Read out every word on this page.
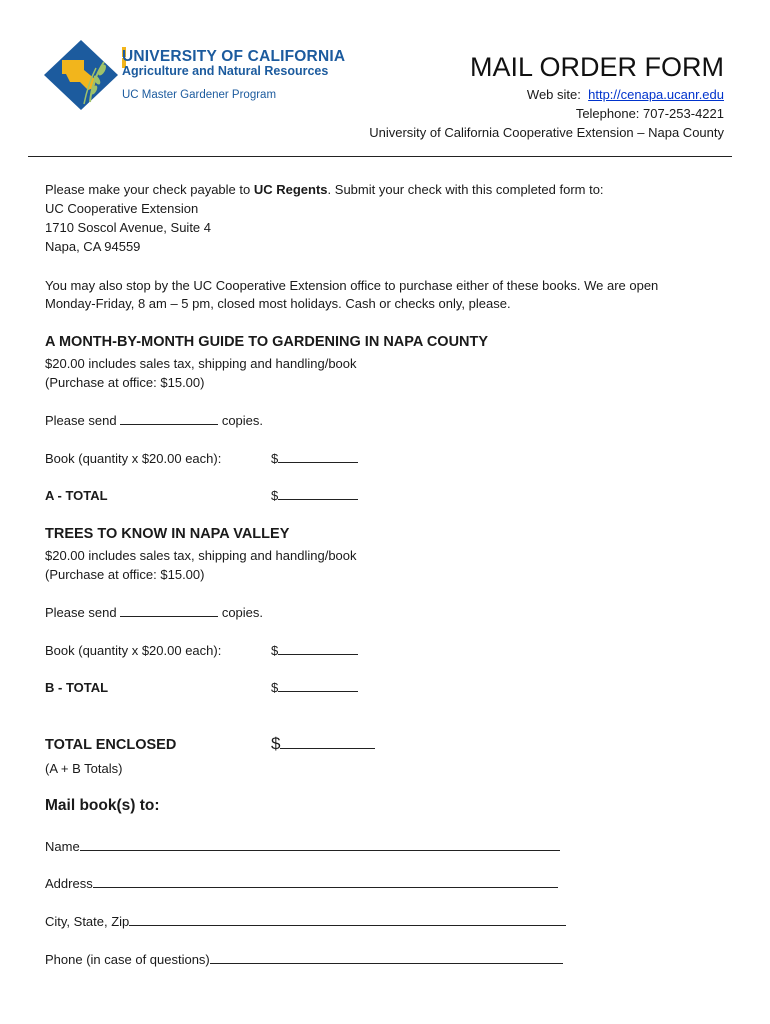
UNIVERSITY OF CALIFORNIA
Agriculture and Natural Resources
UC Master Gardener Program
MAIL ORDER FORM
Web site: http://cenapa.ucanr.edu
Telephone: 707-253-4221
University of California Cooperative Extension – Napa County
Please make your check payable to UC Regents. Submit your check with this completed form to:
UC Cooperative Extension
1710 Soscol Avenue, Suite 4
Napa, CA 94559
You may also stop by the UC Cooperative Extension office to purchase either of these books. We are open
Monday-Friday, 8 am – 5 pm, closed most holidays. Cash or checks only, please.
A MONTH-BY-MONTH GUIDE TO GARDENING IN NAPA COUNTY
$20.00 includes sales tax, shipping and handling/book
(Purchase at office: $15.00)
Please send	copies.
Book (quantity x $20.00 each):	$
A - TOTAL	$
TREES TO KNOW IN NAPA VALLEY
$20.00 includes sales tax, shipping and handling/book
(Purchase at office: $15.00)
Please send	copies.
Book (quantity x $20.00 each):	$
B - TOTAL	$
TOTAL ENCLOSED	$
(A + B Totals)
Mail book(s) to:
Name
Address
City, State, Zip
Phone (in case of questions)
